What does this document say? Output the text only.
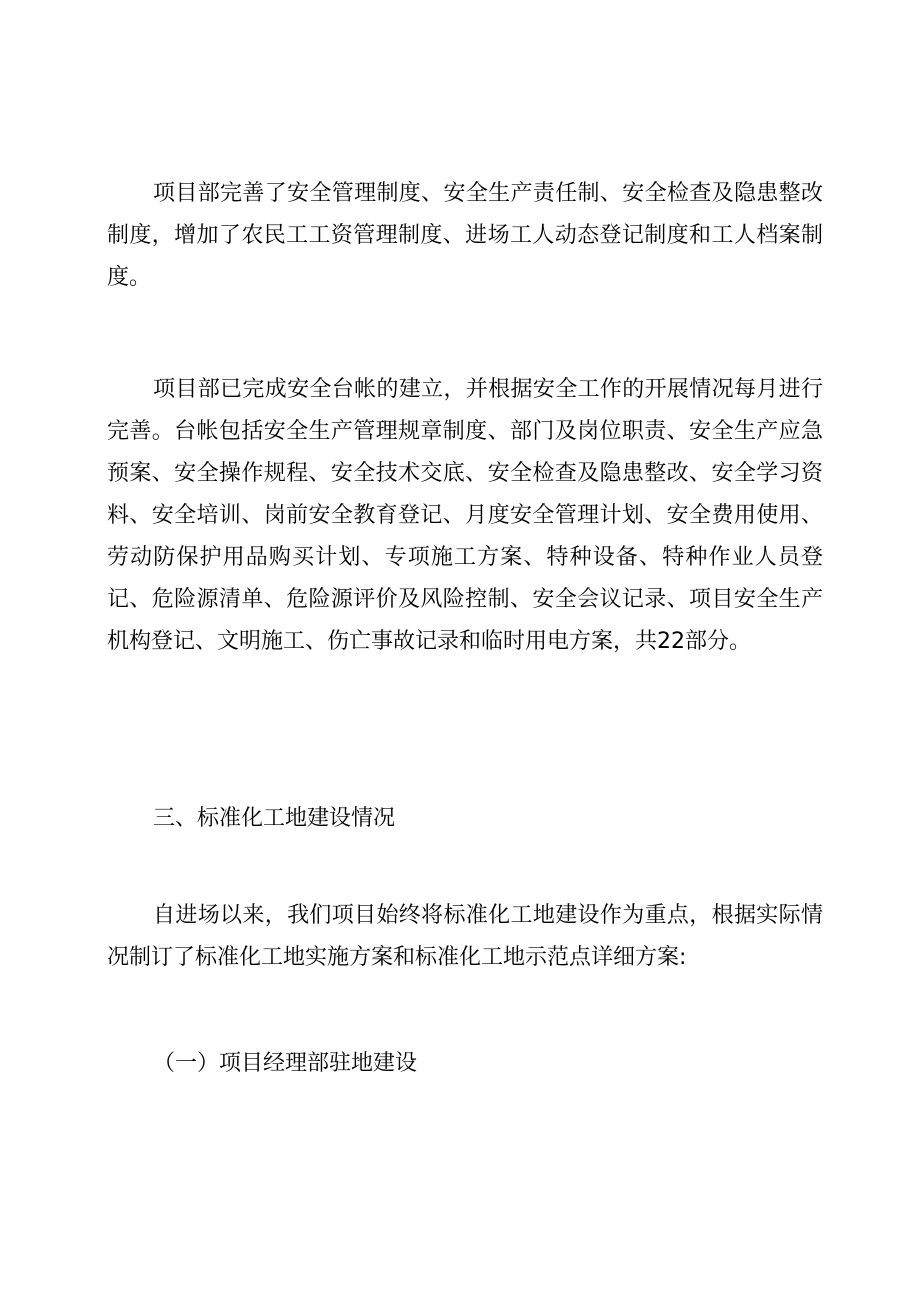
项目部完善了安全管理制度、安全生产责任制、安全检查及隐患整改制度，增加了农民工工资管理制度、进场工人动态登记制度和工人档案制度。

项目部已完成安全台帐的建立，并根据安全工作的开展情况每月进行完善。台帐包括安全生产管理规章制度、部门及岗位职责、安全生产应急预案、安全操作规程、安全技术交底、安全检查及隐患整改、安全学习资料、安全培训、岗前安全教育登记、月度安全管理计划、安全费用使用、劳动防保护用品购买计划、专项施工方案、特种设备、特种作业人员登记、危险源清单、危险源评价及风险控制、安全会议记录、项目安全生产机构登记、文明施工、伤亡事故记录和临时用电方案，共22部分。

三、标准化工地建设情况

自进场以来，我们项目始终将标准化工地建设作为重点，根据实际情况制订了标准化工地实施方案和标准化工地示范点详细方案:

（一）项目经理部驻地建设
